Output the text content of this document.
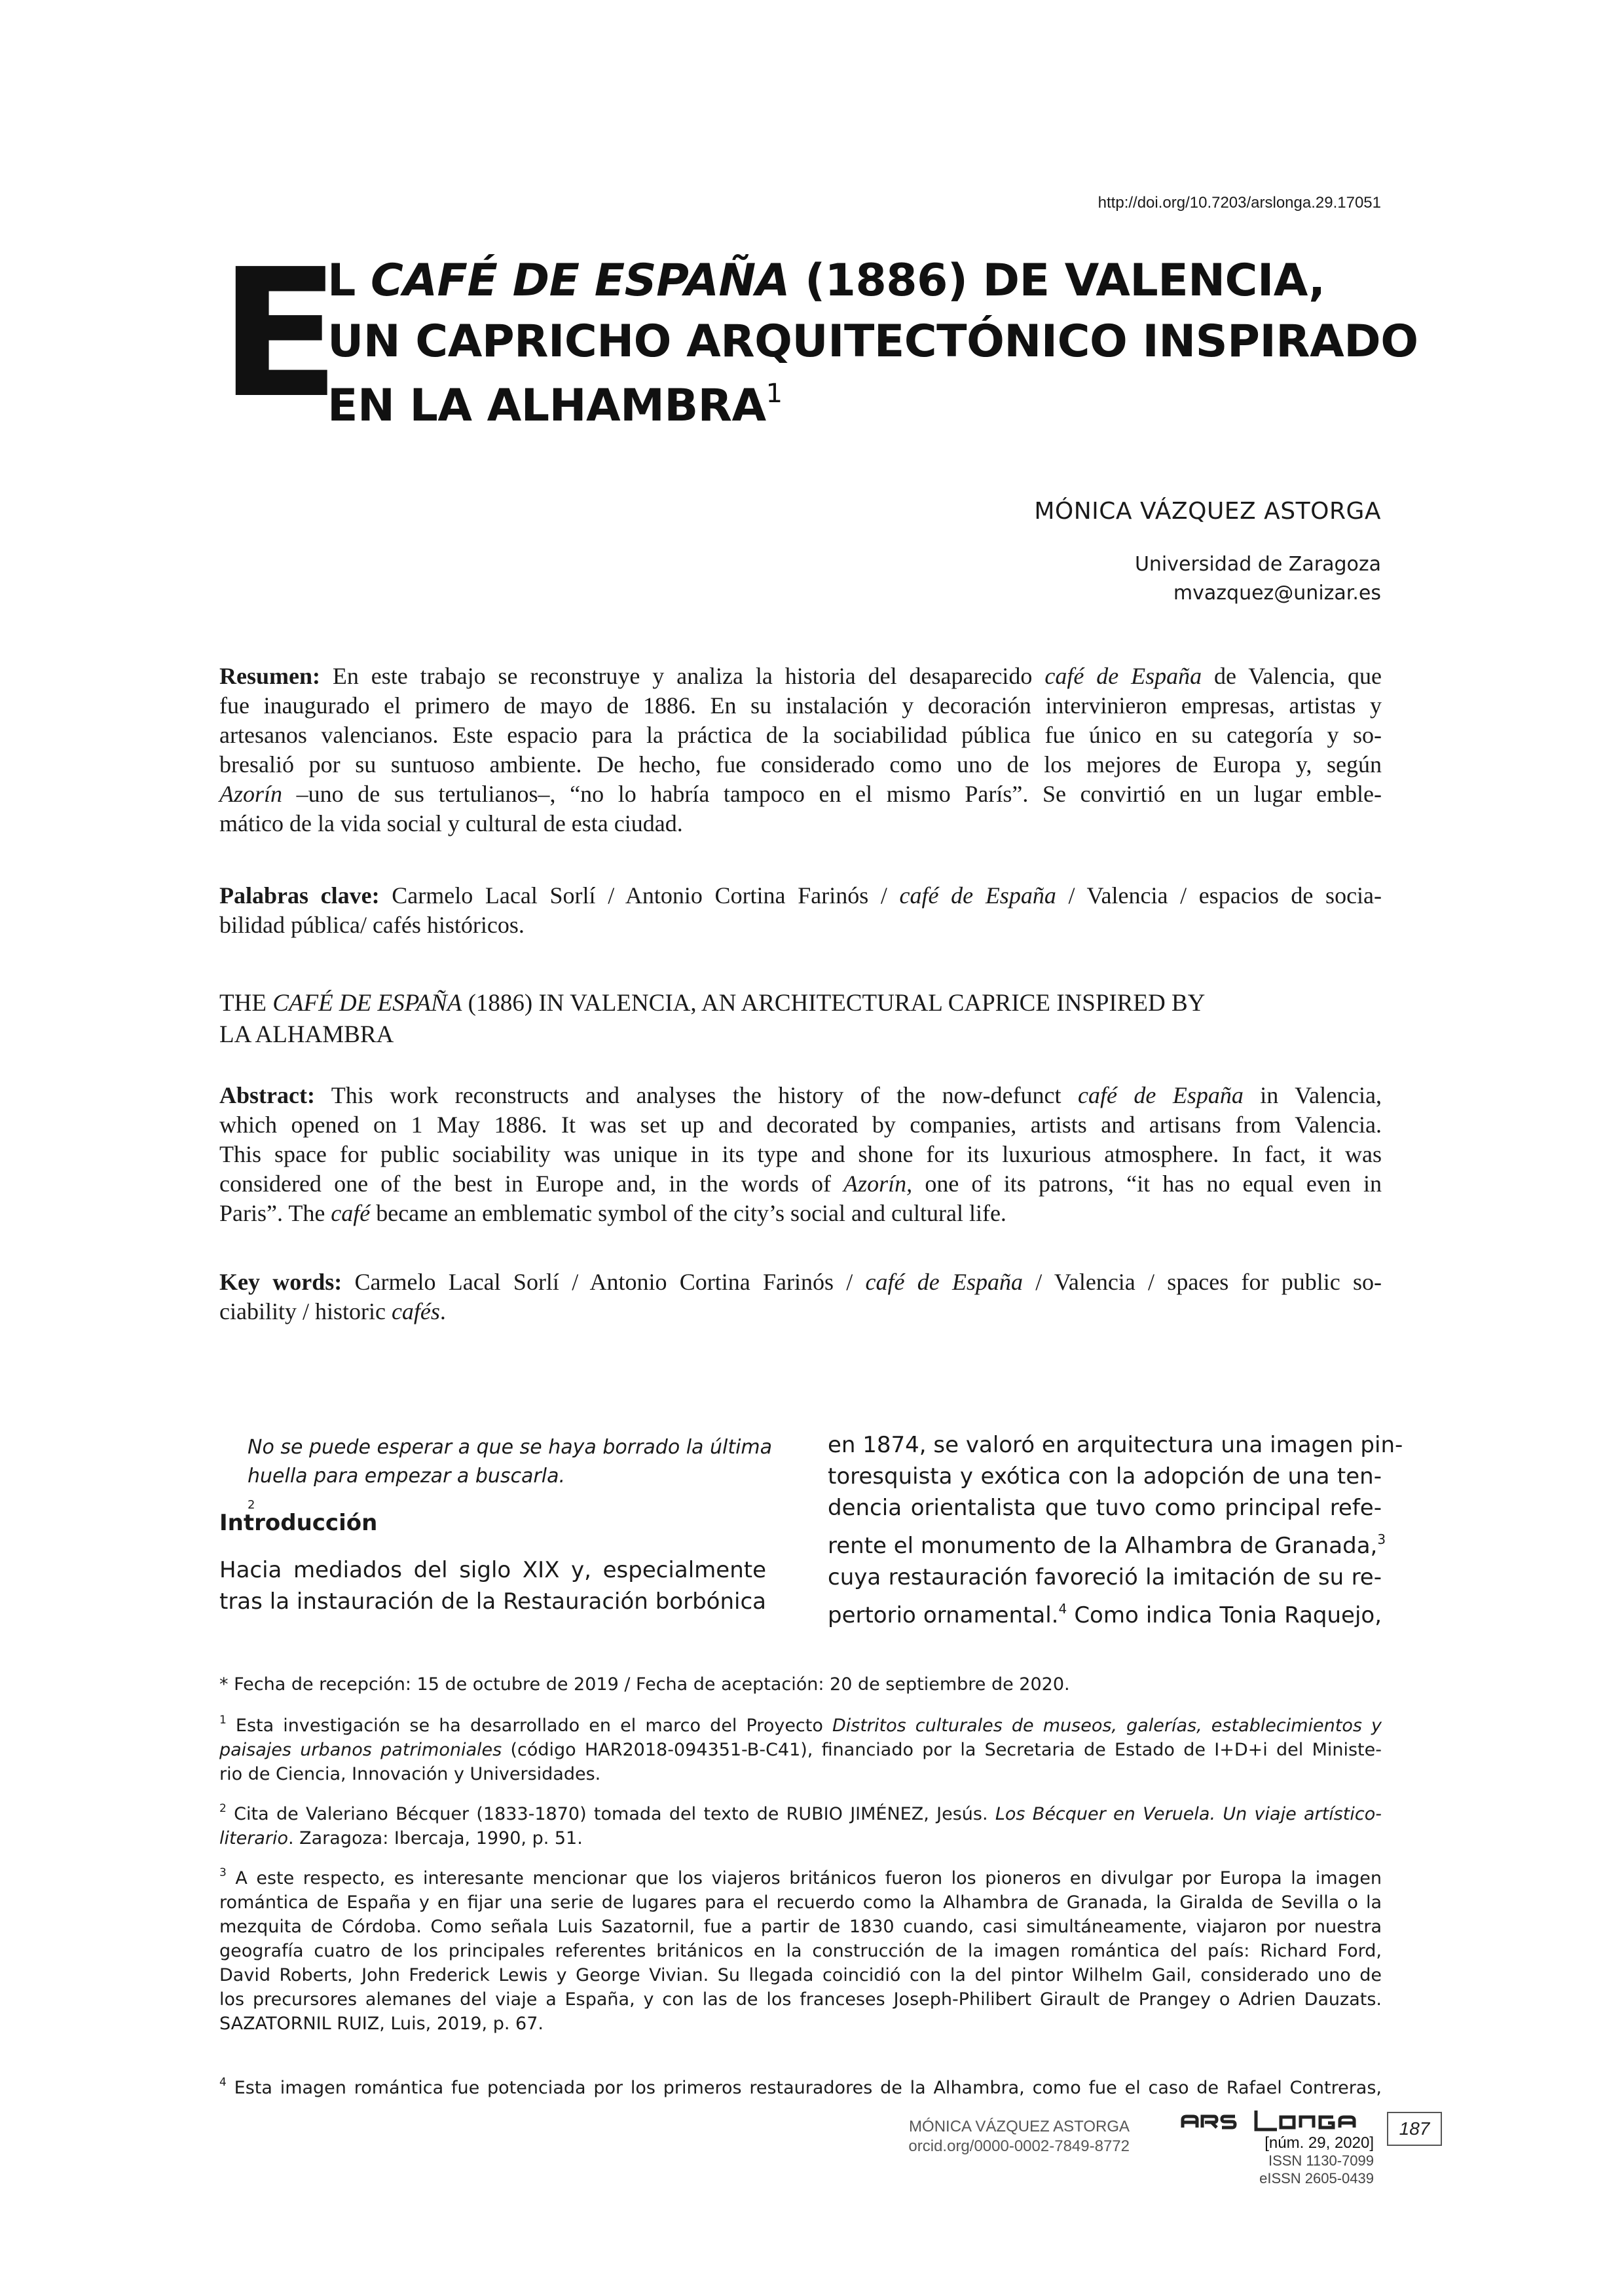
http://doi.org/10.7203/arslonga.29.17051
E
L CAFÉ DE ESPAÑA (1886) DE VALENCIA,
UN CAPRICHO ARQUITECTÓNICO INSPIRADO
EN LA ALHAMBRA$^1$
MÓNICA VÁZQUEZ ASTORGA
Universidad de Zaragoza
mvazquez@unizar.es
Resumen: En este trabajo se reconstruye y analiza la historia del desaparecido café de España de Valencia, que
fue inaugurado el primero de mayo de 1886. En su instalación y decoración intervinieron empresas, artistas y
artesanos valencianos. Este espacio para la práctica de la sociabilidad pública fue único en su categoría y so-
bresalió por su suntuoso ambiente. De hecho, fue considerado como uno de los mejores de Europa y, según
Azorín –uno de sus tertulianos–, “no lo habría tampoco en el mismo París”. Se convirtió en un lugar emble-
mático de la vida social y cultural de esta ciudad.
Palabras clave: Carmelo Lacal Sorlí / Antonio Cortina Farinós / café de España / Valencia / espacios de socia-
bilidad pública/ cafés históricos.
THE CAFÉ DE ESPAÑA (1886) IN VALENCIA, AN ARCHITECTURAL CAPRICE INSPIRED BY
LA ALHAMBRA
Abstract: This work reconstructs and analyses the history of the now-defunct café de España in Valencia,
which opened on 1 May 1886. It was set up and decorated by companies, artists and artisans from Valencia.
This space for public sociability was unique in its type and shone for its luxurious atmosphere. In fact, it was
considered one of the best in Europe and, in the words of Azorín, one of its patrons, “it has no equal even in
Paris”. The café became an emblematic symbol of the city’s social and cultural life.
Key words: Carmelo Lacal Sorlí / Antonio Cortina Farinós / café de España / Valencia / spaces for public so-
ciability / historic cafés.
No se puede esperar a que se haya borrado la última
huella para empezar a buscarla.
$^2$
Introducción
Hacia mediados del siglo XIX y, especialmente
tras la instauración de la Restauración borbónica
en 1874, se valoró en arquitectura una imagen pin-
toresquista y exótica con la adopción de una ten-
dencia orientalista que tuvo como principal refe-
rente el monumento de la Alhambra de Granada,$^3$
cuya restauración favoreció la imitación de su re-
pertorio ornamental.$^4$ Como indica Tonia Raquejo,
* Fecha de recepción: 15 de octubre de 2019 / Fecha de aceptación: 20 de septiembre de 2020.
$^1$ Esta investigación se ha desarrollado en el marco del Proyecto Distritos culturales de museos, galerías, establecimientos y
paisajes urbanos patrimoniales (código HAR2018-094351-B-C41), financiado por la Secretaria de Estado de I+D+i del Ministe-
rio de Ciencia, Innovación y Universidades.
$^2$ Cita de Valeriano Bécquer (1833-1870) tomada del texto de RUBIO JIMÉNEZ, Jesús. Los Bécquer en Veruela. Un viaje artístico-
literario. Zaragoza: Ibercaja, 1990, p. 51.
$^3$ A este respecto, es interesante mencionar que los viajeros británicos fueron los pioneros en divulgar por Europa la imagen
romántica de España y en fijar una serie de lugares para el recuerdo como la Alhambra de Granada, la Giralda de Sevilla o la
mezquita de Córdoba. Como señala Luis Sazatornil, fue a partir de 1830 cuando, casi simultáneamente, viajaron por nuestra
geografía cuatro de los principales referentes británicos en la construcción de la imagen romántica del país: Richard Ford,
David Roberts, John Frederick Lewis y George Vivian. Su llegada coincidió con la del pintor Wilhelm Gail, considerado uno de
los precursores alemanes del viaje a España, y con las de los franceses Joseph-Philibert Girault de Prangey o Adrien Dauzats.
SAZATORNIL RUIZ, Luis, 2019, p. 67.
$^4$ Esta imagen romántica fue potenciada por los primeros restauradores de la Alhambra, como fue el caso de Rafael Contreras,
MÓNICA VÁZQUEZ ASTORGA
orcid.org/0000-0002-7849-8772	[núm. 29, 2020]
ISSN 1130-7099
eISSN 2605-0439
187
